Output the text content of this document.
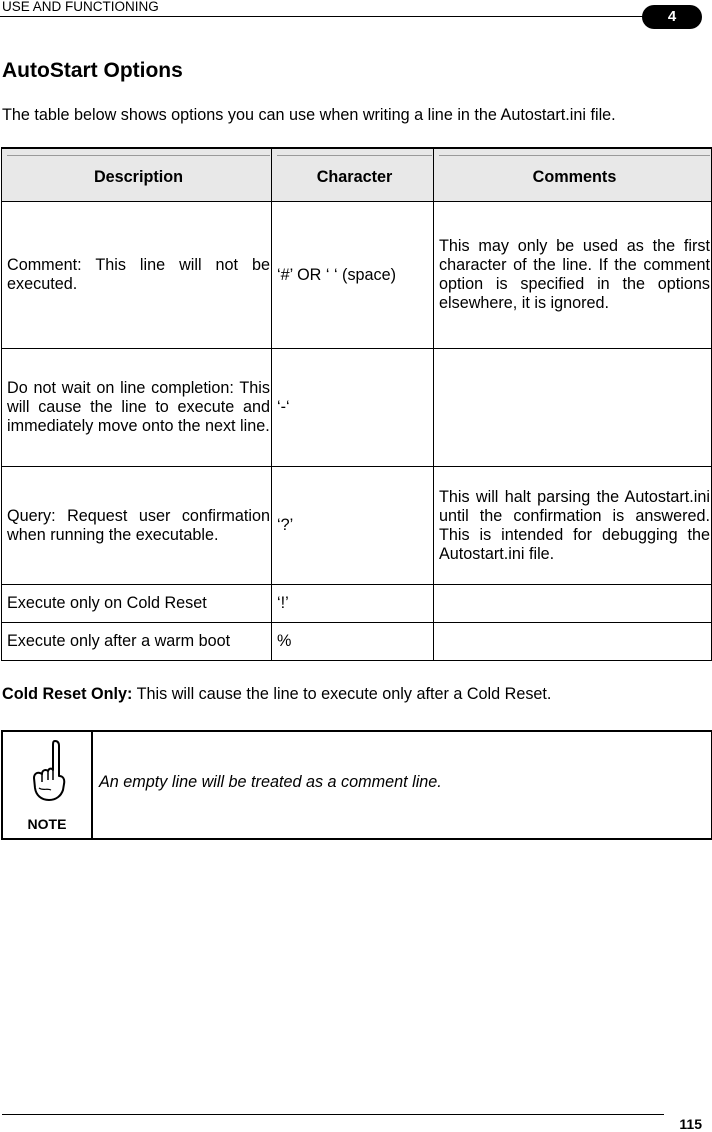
USE AND FUNCTIONING
4
AutoStart Options

The table below shows options you can use when writing a line in the Autostart.ini file.

Description	Character	Comments

Comment: This line will not be executed.	‘#’ OR ‘ ‘ (space)	This may only be used as the first character of the line. If the comment option is specified in the options elsewhere, it is ignored.
Do not wait on line completion: This will cause the line to execute and immediately move onto the next line.	‘-‘	
Query: Request user confirmation when running the executable.	‘?’	This will halt parsing the Autostart.ini until the confirmation is answered. This is intended for debugging the Autostart.ini file.
Execute only on Cold Reset	‘!’	
Execute only after a warm boot	%	

Cold Reset Only: This will cause the line to execute only after a Cold Reset.

NOTE
An empty line will be treated as a comment line.
115
